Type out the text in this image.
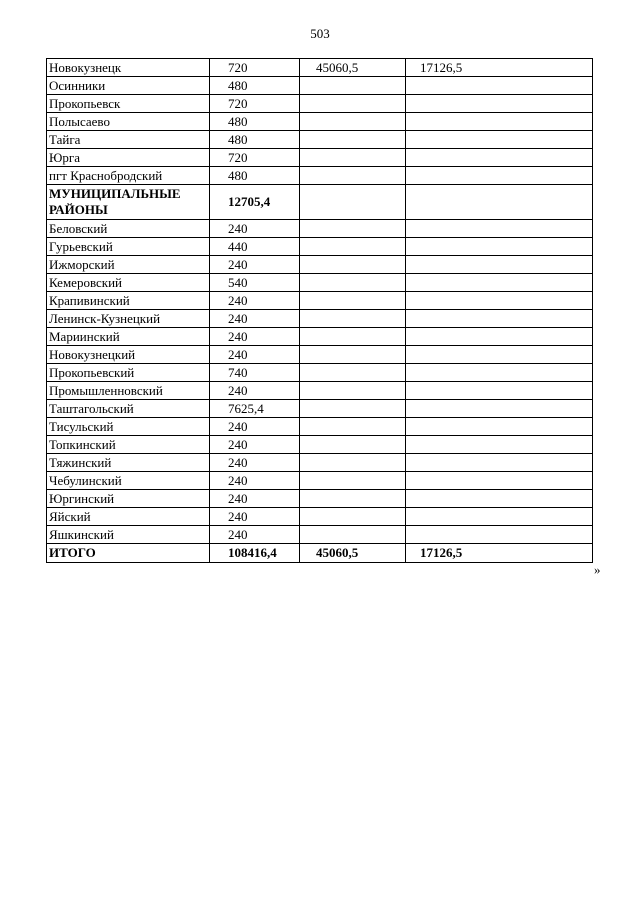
503
Новокузнецк	720	45060,5	17126,5
Осинники	480		
Прокопьевск	720		
Полысаево	480		
Тайга	480		
Юрга	720		
пгт Краснобродский	480		
МУНИЦИПАЛЬНЫЕ РАЙОНЫ	12705,4		
Беловский	240		
Гурьевский	440		
Ижморский	240		
Кемеровский	540		
Крапивинский	240		
Ленинск-Кузнецкий	240		
Мариинский	240		
Новокузнецкий	240		
Прокопьевский	740		
Промышленновский	240		
Таштагольский	7625,4		
Тисульский	240		
Топкинский	240		
Тяжинский	240		
Чебулинский	240		
Юргинский	240		
Яйский	240		
Яшкинский	240		
ИТОГО	108416,4	45060,5	17126,5
»
